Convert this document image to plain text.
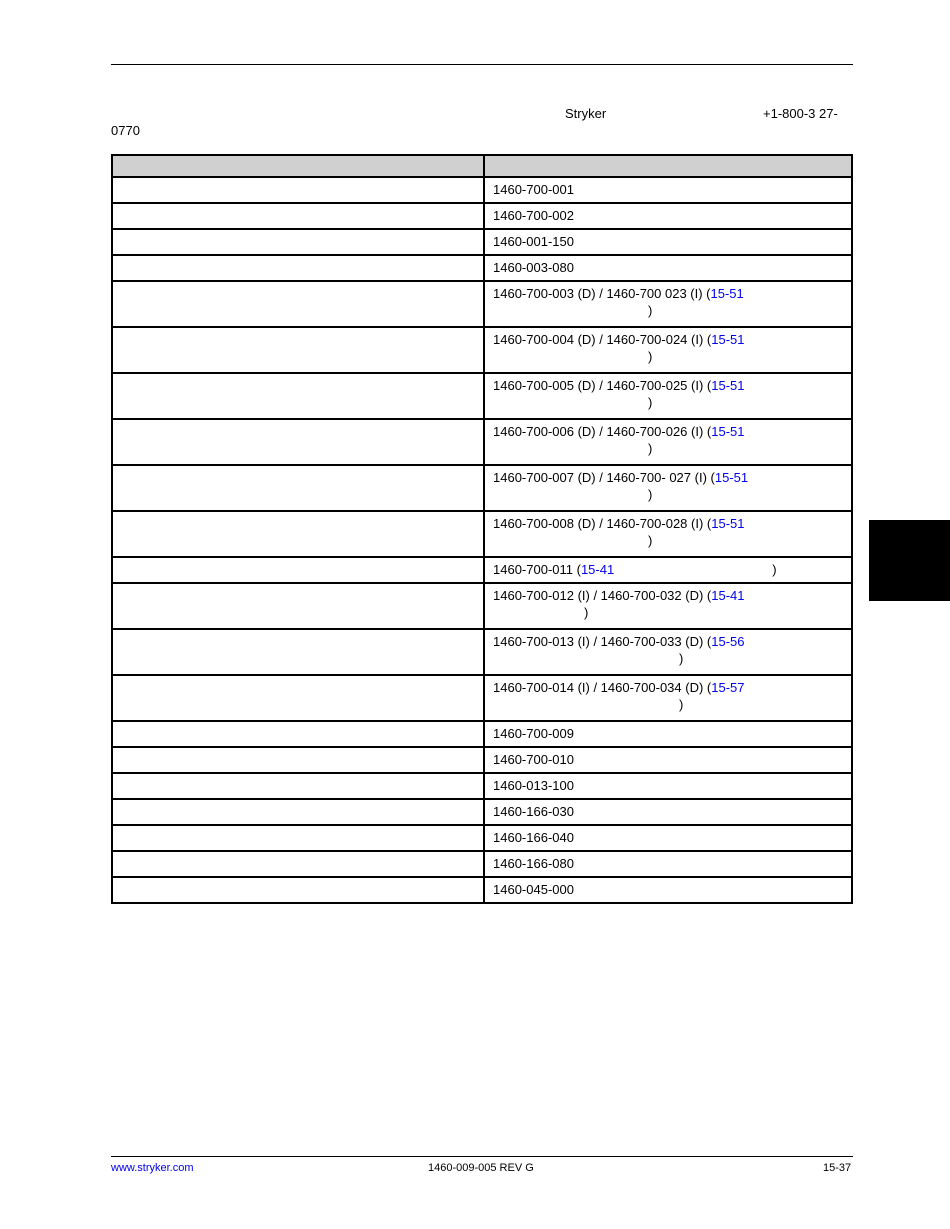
Stryker	+1-800-3 27-
0770

	1460-700-001
	1460-700-002
	1460-001-150
	1460-003-080
	1460-700-003 (D) / 1460-700 023 (I) (15-51
)

	1460-700-004 (D) / 1460-700-024 (I) (15-51
)

	1460-700-005 (D) / 1460-700-025 (I) (15-51
)

	1460-700-006 (D) / 1460-700-026 (I) (15-51
)

	1460-700-007 (D) / 1460-700- 027 (I) (15-51
)

	1460-700-008 (D) / 1460-700-028 (I) (15-51
)

	1460-700-011 (15-41 )
	1460-700-012 (I) / 1460-700-032 (D) (15-41
)

	1460-700-013 (I) / 1460-700-033 (D) (15-56
)

	1460-700-014 (I) / 1460-700-034 (D) (15-57
)

	1460-700-009
	1460-700-010
	1460-013-100
	1460-166-030
	1460-166-040
	1460-166-080
	1460-045-000
www.stryker.com	1460-009-005 REV G	15-37
